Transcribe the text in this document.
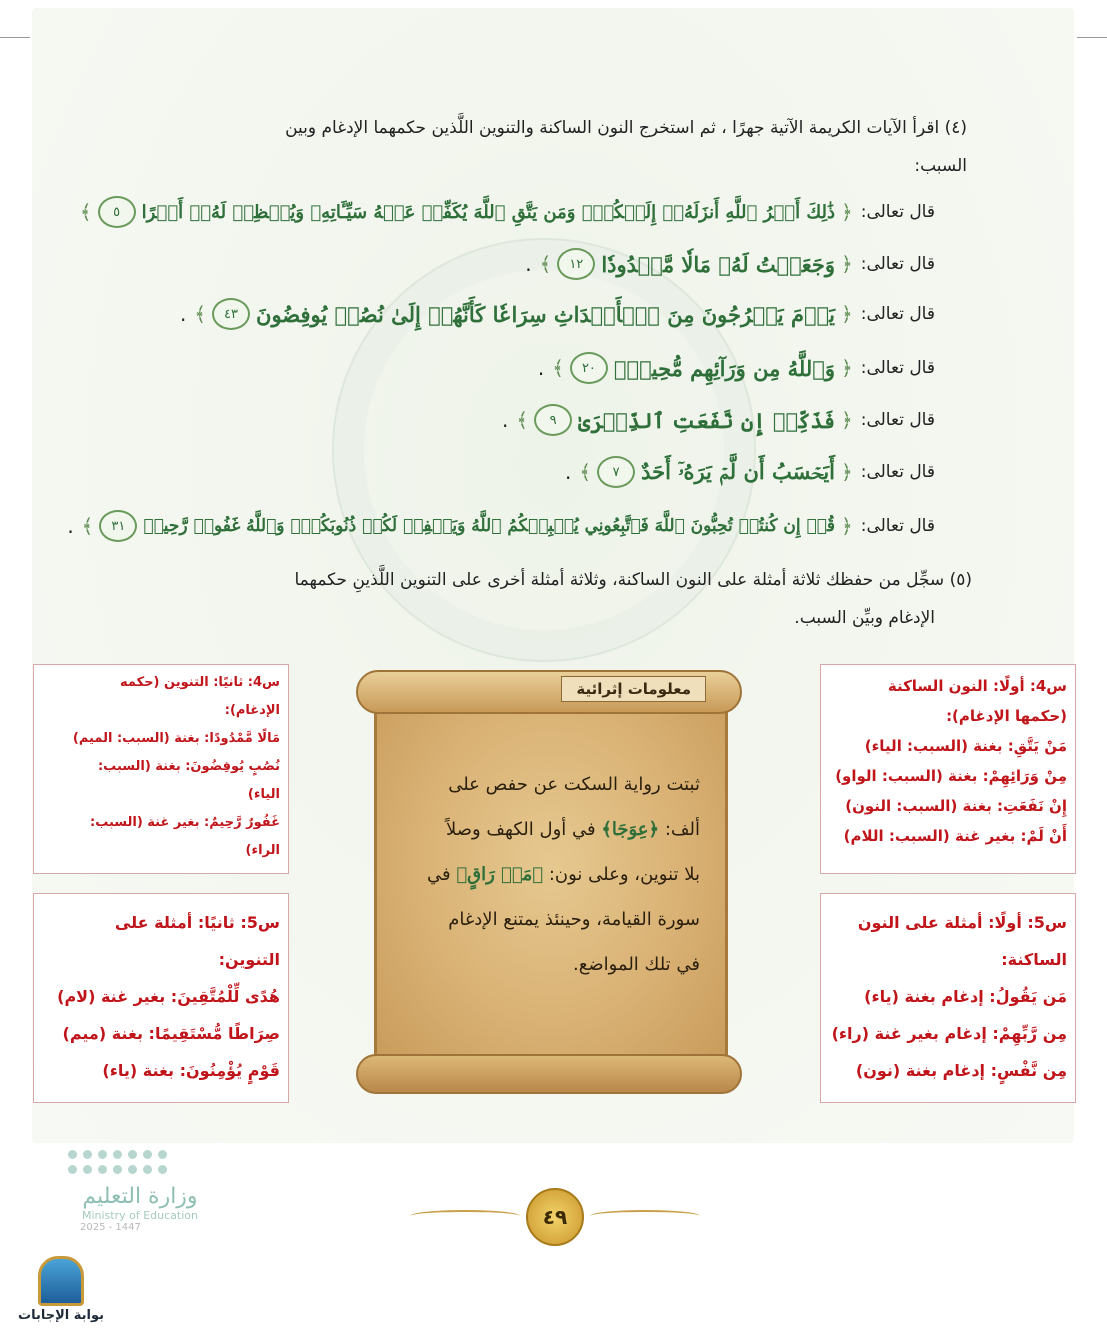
(٤) اقرأ الآيات الكريمة الآتية جهرًا ، ثم استخرج النون الساكنة والتنوين اللَّذين حكمهما الإدغام وبين
السبب:
قال تعالى:
﴿
ذَٰلِكَ أَمۡرُ ٱللَّهِ أَنزَلَهُۥٓ إِلَيۡكُمۡۚ وَمَن يَتَّقِ ٱللَّهَ يُكَفِّرۡ عَنۡهُ سَيِّـَٔاتِهِۦ وَيُعۡظِمۡ لَهُۥٓ أَجۡرًا
٥
﴾
قال تعالى:
﴿
وَجَعَلۡتُ لَهُۥ مَالٗا مَّمۡدُودٗا
١٢
﴾
.
قال تعالى:
﴿
يَوۡمَ يَخۡرُجُونَ مِنَ ٱلۡأَجۡدَاثِ سِرَاعٗا كَأَنَّهُمۡ إِلَىٰ نُصُبٖ يُوفِضُونَ
٤٣
﴾
.
قال تعالى:
﴿
وَٱللَّهُ مِن وَرَآئِهِم مُّحِيطُۢ
٢٠
﴾
.
قال تعالى:
﴿
فَذَكِّرۡ إِن نَّفَعَتِ ٱلذِّكۡرَىٰ
٩
﴾
.
قال تعالى:
﴿
أَيَحۡسَبُ أَن لَّمۡ يَرَهُۥٓ أَحَدٌ
٧
﴾
.
قال تعالى:
﴿
قُلۡ إِن كُنتُمۡ تُحِبُّونَ ٱللَّهَ فَٱتَّبِعُونِي يُحۡبِبۡكُمُ ٱللَّهُ وَيَغۡفِرۡ لَكُمۡ ذُنُوبَكُمۡۚ وَٱللَّهُ غَفُورٞ رَّحِيمٞ
٣١
﴾
.
(٥) سجِّل من حفظك ثلاثة أمثلة على النون الساكنة، وثلاثة أمثلة أخرى على التنوين اللَّذينِ حكمهما
الإدغام وبيِّن السبب.

س4: أولًا: النون الساكنة

(حكمها الإدغام):

مَنْ يَتَّقِ: بغنة (السبب: الياء)

مِنْ وَرَائِهِمْ: بغنة (السبب: الواو)

إِنْ نَفَعَتِ: بغنة (السبب: النون)

أَنْ لَمْ: بغير غنة (السبب: اللام)

س4: ثانيًا: التنوين (حكمه

الإدغام):

مَالًا مَّمْدُودًا: بغنة (السبب: الميم)

نُصُبٍ يُوفِضُونَ: بغنة (السبب:

الياء)

غَفُورٌ رَّحِيمٌ: بغير غنة (السبب:

الراء)

س5: أولًا: أمثلة على النون

الساكنة:

مَن يَقُولُ: إدغام بغنة (ياء)

مِن رَّبِّهِمْ: إدغام بغير غنة (راء)

مِن نَّفْسٍ: إدغام بغنة (نون)

س5: ثانيًا: أمثلة على

التنوين:

هُدًى لِّلْمُتَّقِينَ: بغير غنة (لام)

صِرَاطًا مُّسْتَقِيمًا: بغنة (ميم)

قَوْمٍ يُؤْمِنُونَ: بغنة (ياء)

معلومات إثرائية
ثبتت رواية السكت عن حفص على
ألف: ﴿عِوَجَا﴾ في أول الكهف وصلاً
بلا تنوين، وعلى نون: ﴿مَنۡ رَاقٍ﴾ في
سورة القيامة، وحينئذ يمتنع الإدغام
في تلك المواضع.
٤٩
وزارة التعليم
Ministry of Education
2025 - 1447
بوابة الإجابات
